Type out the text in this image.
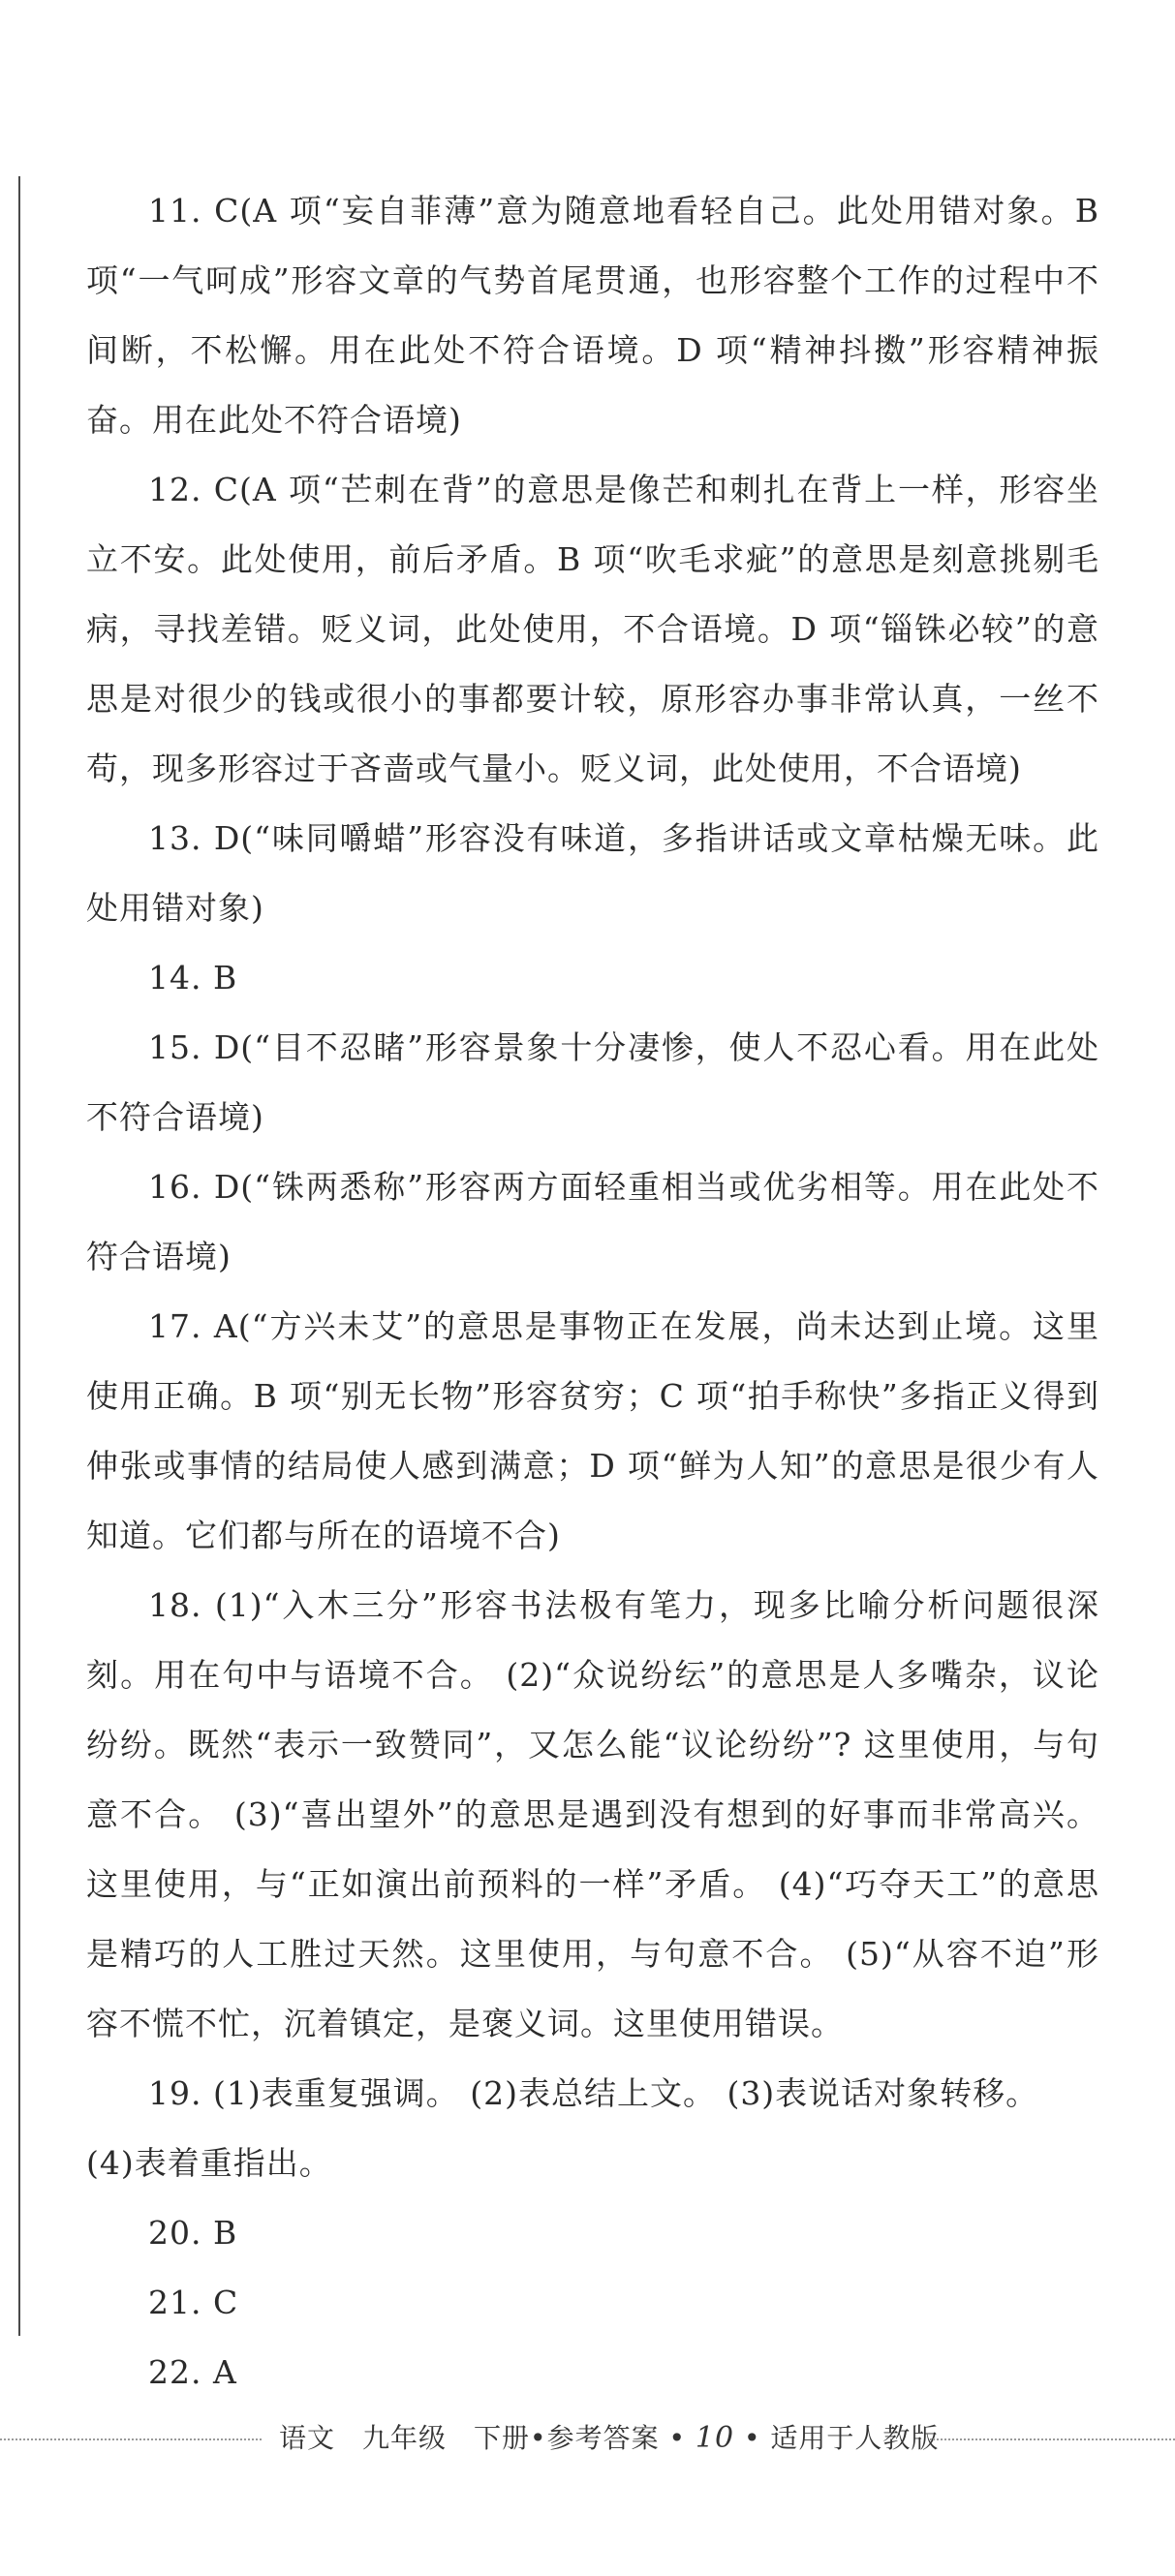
11. C(A 项“妄自菲薄”意为随意地看轻自己。此处用错对象。B 项“一气呵成”形容文章的气势首尾贯通，也形容整个工作的过程中不间断，不松懈。用在此处不符合语境。D 项“精神抖擞”形容精神振奋。用在此处不符合语境)

12. C(A 项“芒刺在背”的意思是像芒和刺扎在背上一样，形容坐立不安。此处使用，前后矛盾。B 项“吹毛求疵”的意思是刻意挑剔毛病，寻找差错。贬义词，此处使用，不合语境。D 项“锱铢必较”的意思是对很少的钱或很小的事都要计较，原形容办事非常认真，一丝不苟，现多形容过于吝啬或气量小。贬义词，此处使用，不合语境)

13. D(“味同嚼蜡”形容没有味道，多指讲话或文章枯燥无味。此处用错对象)

14. B

15. D(“目不忍睹”形容景象十分凄惨，使人不忍心看。用在此处不符合语境)

16. D(“铢两悉称”形容两方面轻重相当或优劣相等。用在此处不符合语境)

17. A(“方兴未艾”的意思是事物正在发展，尚未达到止境。这里使用正确。B 项“别无长物”形容贫穷；C 项“拍手称快”多指正义得到伸张或事情的结局使人感到满意；D 项“鲜为人知”的意思是很少有人知道。它们都与所在的语境不合)

18. (1)“入木三分”形容书法极有笔力，现多比喻分析问题很深刻。用在句中与语境不合。 (2)“众说纷纭”的意思是人多嘴杂，议论纷纷。既然“表示一致赞同”，又怎么能“议论纷纷”? 这里使用，与句意不合。 (3)“喜出望外”的意思是遇到没有想到的好事而非常高兴。这里使用，与“正如演出前预料的一样”矛盾。 (4)“巧夺天工”的意思是精巧的人工胜过天然。这里使用，与句意不合。 (5)“从容不迫”形容不慌不忙，沉着镇定，是褒义词。这里使用错误。

19. (1)表重复强调。 (2)表总结上文。 (3)表说话对象转移。

(4)表着重指出。

20. B

21. C

22. A

语文 九年级 下册•参考答案 • 10 • 适用于人教版
